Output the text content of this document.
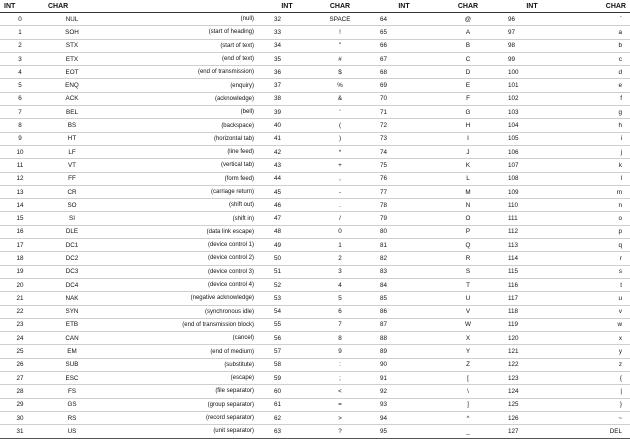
INT	CHAR		INT	CHAR	INT	CHAR	INT	CHAR
0	NUL	(null)	32	SPACE	64	@	96	`
1	SOH	(start of heading)	33	!	65	A	97	a
2	STX	(start of text)	34	"	66	B	98	b
3	ETX	(end of text)	35	#	67	C	99	c
4	EOT	(end of transmission)	36	$	68	D	100	d
5	ENQ	(enquiry)	37	%	69	E	101	e
6	ACK	(acknowledge)	38	&	70	F	102	f
7	BEL	(bell)	39	'	71	G	103	g
8	BS	(backspace)	40	(	72	H	104	h
9	HT	(horizontal tab)	41	)	73	I	105	i
10	LF	(line feed)	42	*	74	J	106	j
11	VT	(vertical tab)	43	+	75	K	107	k
12	FF	(form feed)	44	,	76	L	108	l
13	CR	(carriage return)	45	-	77	M	109	m
14	SO	(shift out)	46	.	78	N	110	n
15	SI	(shift in)	47	/	79	O	111	o
16	DLE	(data link escape)	48	0	80	P	112	p
17	DC1	(device control 1)	49	1	81	Q	113	q
18	DC2	(device control 2)	50	2	82	R	114	r
19	DC3	(device control 3)	51	3	83	S	115	s
20	DC4	(device control 4)	52	4	84	T	116	t
21	NAK	(negative acknowledge)	53	5	85	U	117	u
22	SYN	(synchronous idle)	54	6	86	V	118	v
23	ETB	(end of transmission block)	55	7	87	W	119	w
24	CAN	(cancel)	56	8	88	X	120	x
25	EM	(end of medium)	57	9	89	Y	121	y
26	SUB	(substitute)	58	:	90	Z	122	z
27	ESC	(escape)	59	;	91	[	123	{
28	FS	(file separator)	60	<	92	\	124	|
29	GS	(group separator)	61	=	93	]	125	}
30	RS	(record separator)	62	>	94	^	126	~
31	US	(unit separator)	63	?	95	_	127	DEL
